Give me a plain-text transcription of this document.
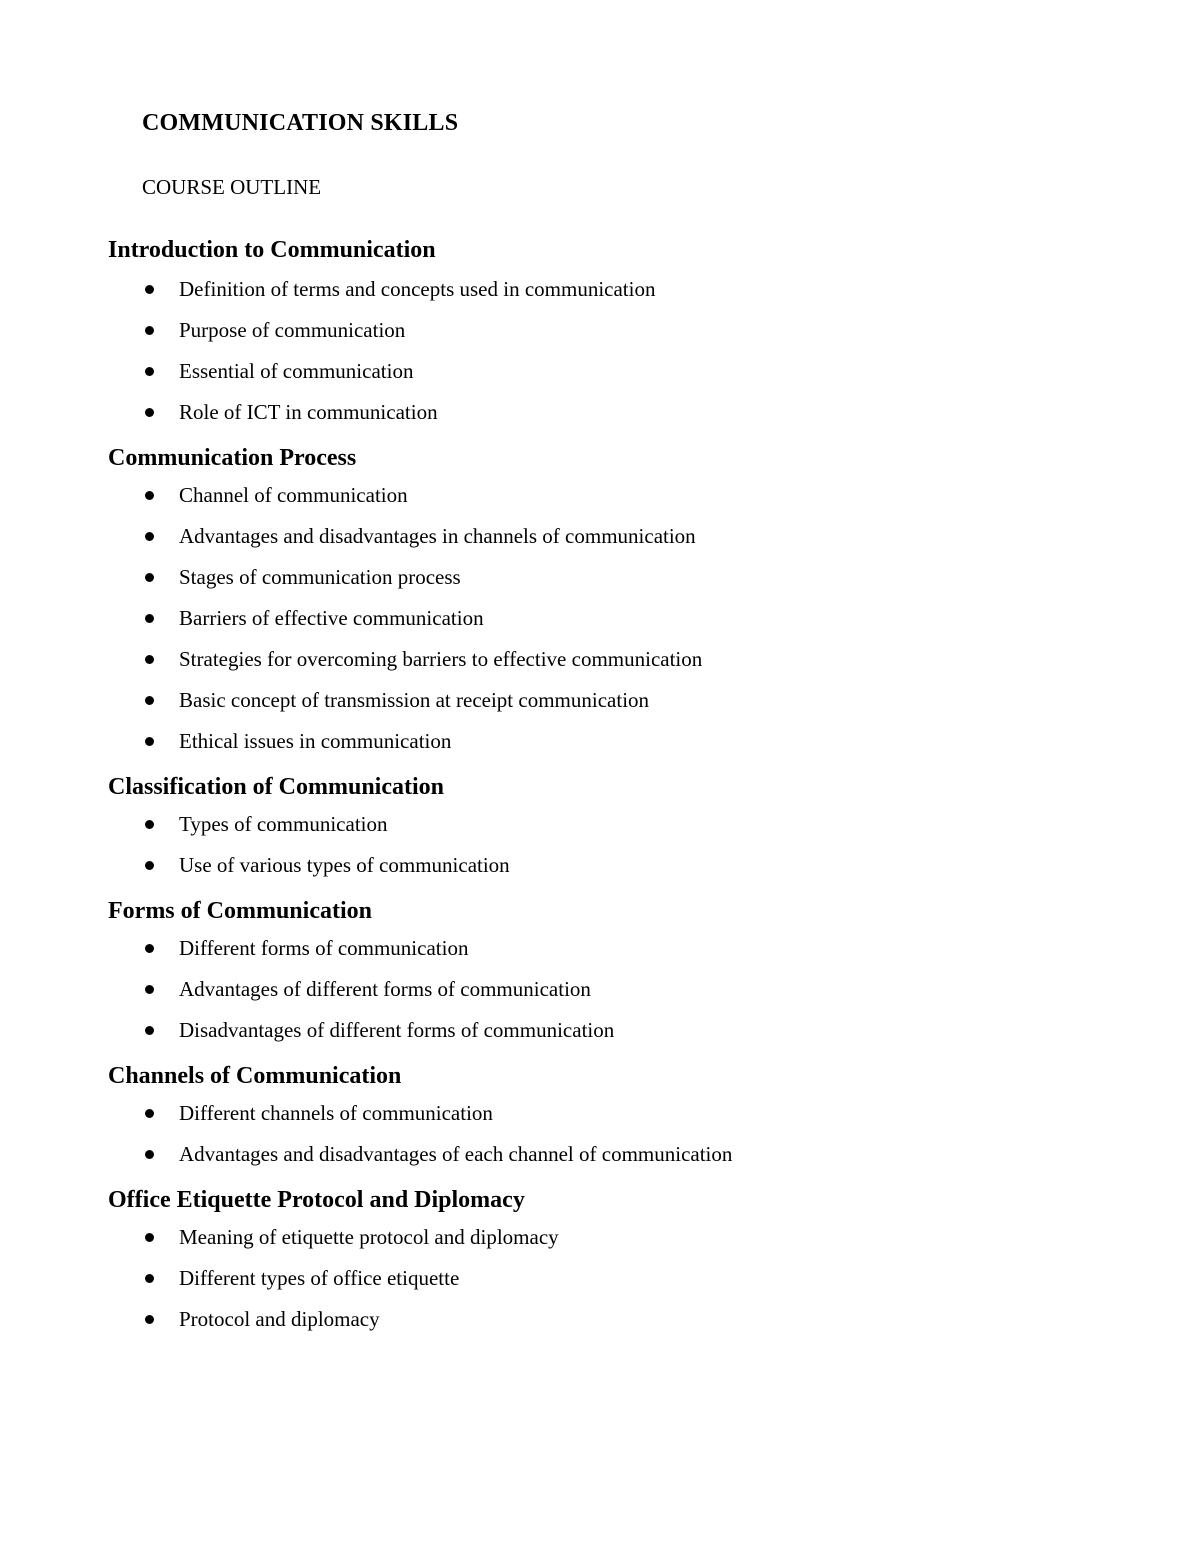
COMMUNICATION SKILLS
COURSE OUTLINE
Introduction to Communication
Definition of terms and concepts used in communication
Purpose of communication
Essential of communication
Role of ICT in communication
Communication Process
Channel of communication
Advantages and disadvantages in channels of communication
Stages of communication process
Barriers of effective communication
Strategies for overcoming barriers to effective communication
Basic concept of transmission at receipt communication
Ethical issues in communication
Classification of Communication
Types of communication
Use of various types of communication
Forms of Communication
Different forms of communication
Advantages of different forms of communication
Disadvantages of different forms of communication
Channels of Communication
Different channels of communication
Advantages and disadvantages of each channel of communication
Office Etiquette Protocol and Diplomacy
Meaning of etiquette protocol and diplomacy
Different types of office etiquette
Protocol and diplomacy
